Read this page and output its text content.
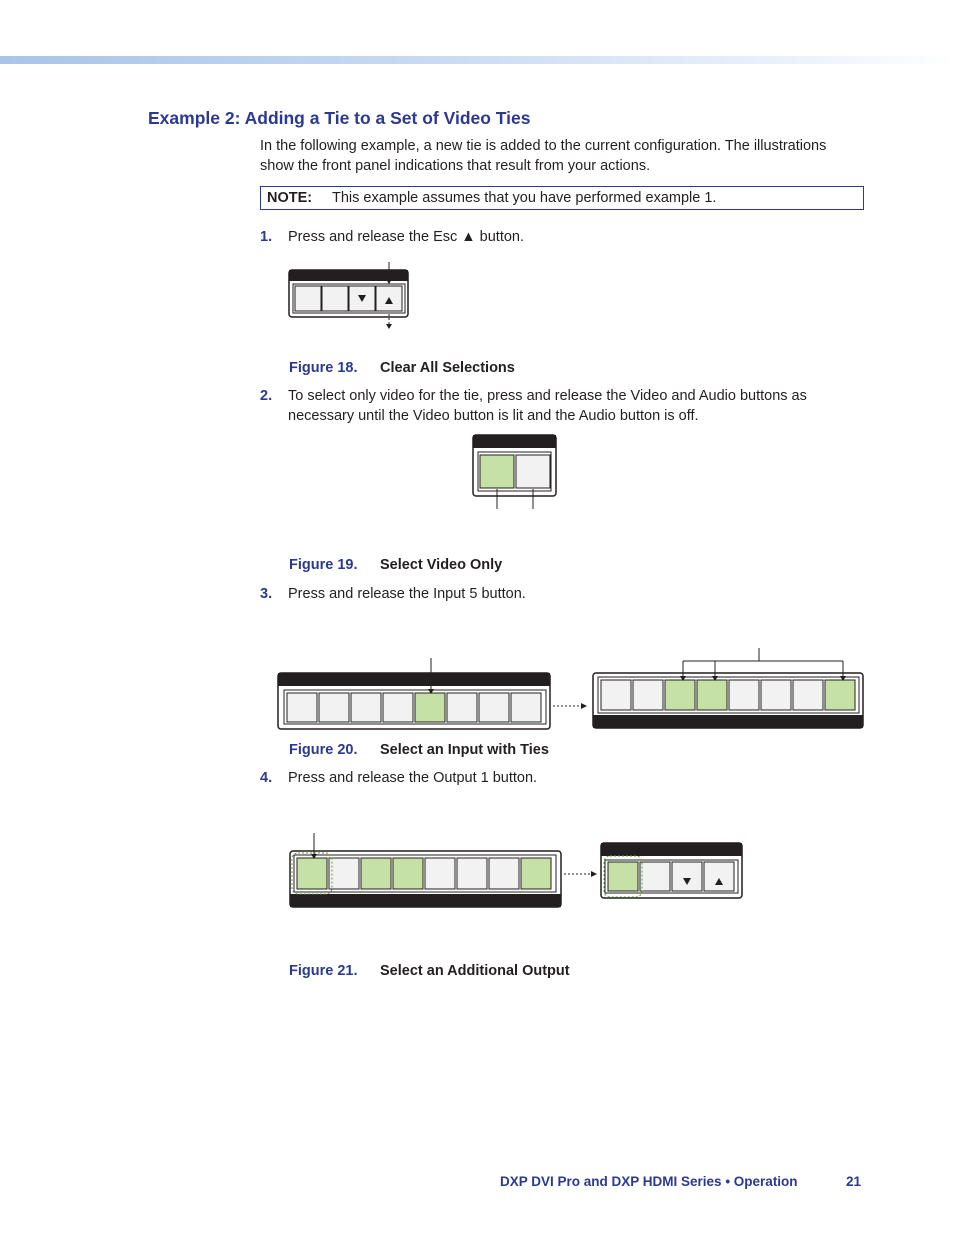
Example 2: Adding a Tie to a Set of Video Ties
In the following example, a new tie is added to the current configuration. The illustrations show the front panel indications that result from your actions.
NOTE: This example assumes that you have performed example 1.
1. Press and release the Esc ▲ button.
Figure 18. Clear All Selections
2. To select only video for the tie, press and release the Video and Audio buttons as necessary until the Video button is lit and the Audio button is off.
Figure 19. Select Video Only
3. Press and release the Input 5 button.
Figure 20. Select an Input with Ties
4. Press and release the Output 1 button.
Figure 21. Select an Additional Output
DXP DVI Pro and DXP HDMI Series • Operation	21
